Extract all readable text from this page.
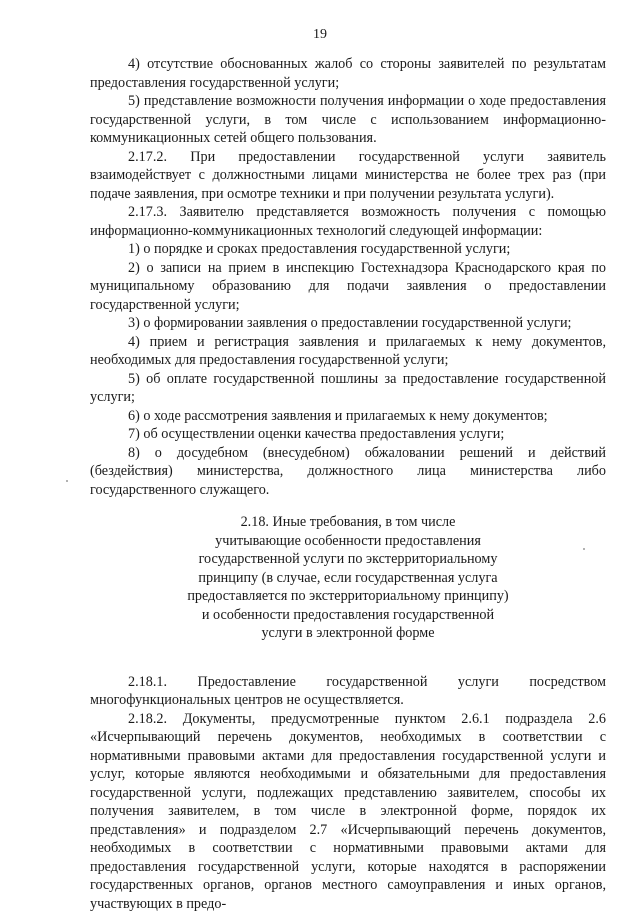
19

4) отсутствие обоснованных жалоб со стороны заявителей по результатам предоставления государственной услуги;

5) представление возможности получения информации о ходе предоставления государственной услуги, в том числе с использованием информационно-коммуникационных сетей общего пользования.

2.17.2. При предоставлении государственной услуги заявитель взаимодействует с должностными лицами министерства не более трех раз (при подаче заявления, при осмотре техники и при получении результата услуги).

2.17.3. Заявителю представляется возможность получения с помощью информационно-коммуникационных технологий следующей информации:

1) о порядке и сроках предоставления государственной услуги;

2) о записи на прием в инспекцию Гостехнадзора Краснодарского края по муниципальному образованию для подачи заявления о предоставлении государственной услуги;

3) о формировании заявления о предоставлении государственной услуги;

4) прием и регистрация заявления и прилагаемых к нему документов, необходимых для предоставления государственной услуги;

5) об оплате государственной пошлины за предоставление государственной услуги;

6) о ходе рассмотрения заявления и прилагаемых к нему документов;

7) об осуществлении оценки качества предоставления услуги;

8) о досудебном (внесудебном) обжаловании решений и действий (бездействия) министерства, должностного лица министерства либо государственного служащего.

2.18. Иные требования, в том числе
учитывающие особенности предоставления
государственной услуги по экстерриториальному
принципу (в случае, если государственная услуга
предоставляется по экстерриториальному принципу)
и особенности предоставления государственной
услуги в электронной форме

2.18.1. Предоставление государственной услуги посредством многофункциональных центров не осуществляется.

2.18.2. Документы, предусмотренные пунктом 2.6.1 подраздела 2.6 «Исчерпывающий перечень документов, необходимых в соответствии с нормативными правовыми актами для предоставления государственной услуги и услуг, которые являются необходимыми и обязательными для предоставления государственной услуги, подлежащих представлению заявителем, способы их получения заявителем, в том числе в электронной форме, порядок их представления» и подразделом 2.7 «Исчерпывающий перечень документов, необходимых в соответствии с нормативными правовыми актами для предоставления государственной услуги, которые находятся в распоряжении государственных органов, органов местного самоуправления и иных органов, участвующих в предо-
